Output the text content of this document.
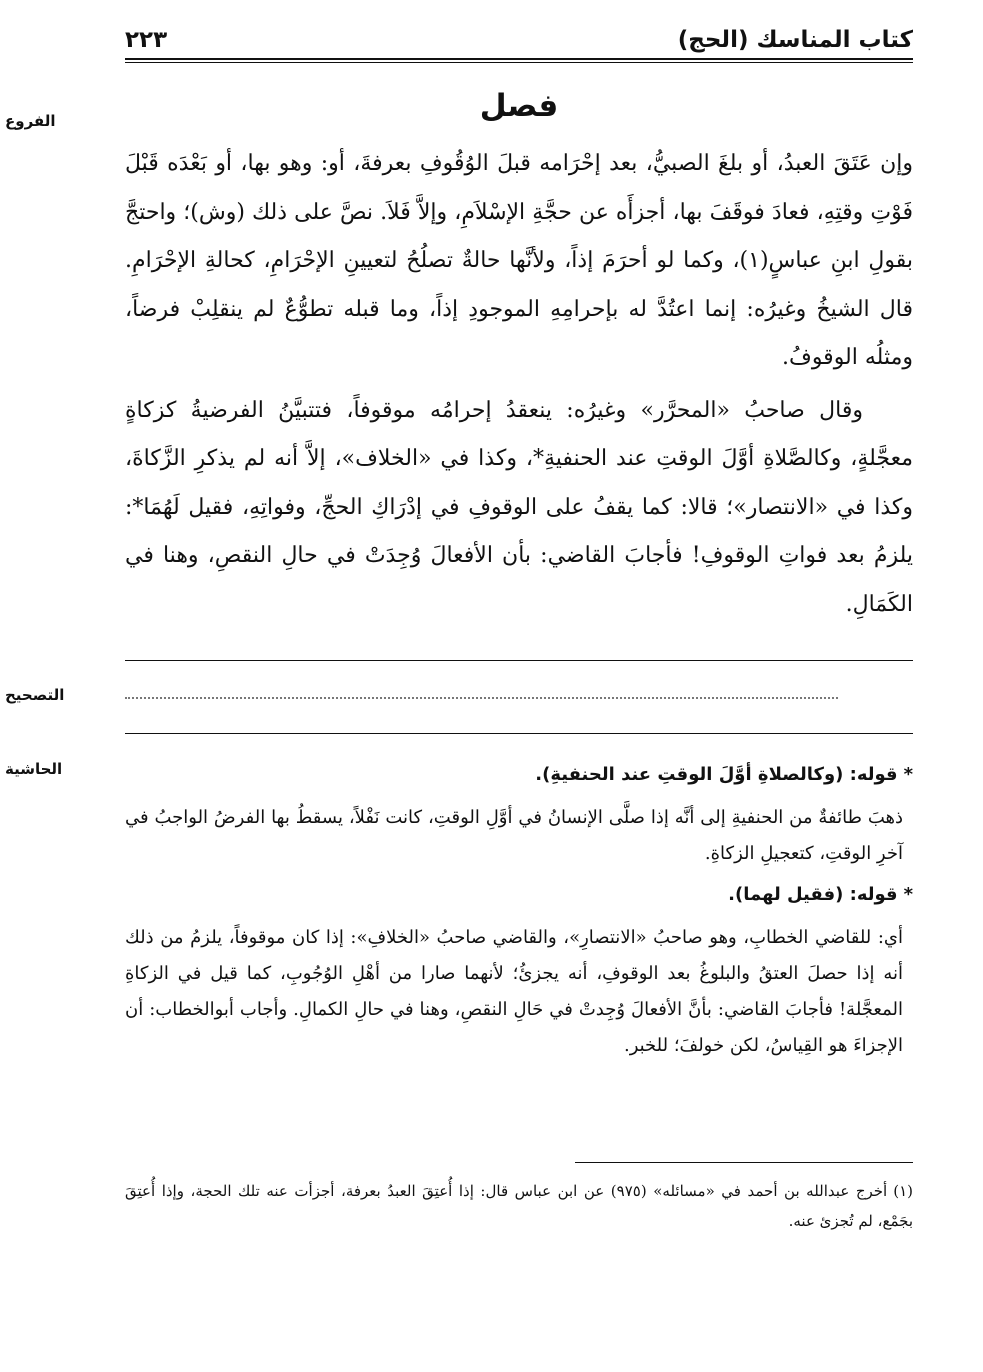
كتاب المناسك (الحج)
٢٢٣
الفروع
التصحيح
الحاشية
فصل

وإن عَتَقَ العبدُ، أو بلغَ الصبيُّ، بعد إحْرَامه قبلَ الوُقُوفِ بعرفةَ، أو: وهو بها، أو بَعْدَه قَبْلَ فَوْتِ وقتِهِ، فعادَ فوقَفَ بها، أجزأَه عن حجَّةِ الإسْلاَمِ، وإلاَّ فَلاَ. نصَّ على ذلك (وش)؛ واحتجَّ بقولِ ابنِ عباسٍ(١)، وكما لو أحرَمَ إذاً، ولأنَّها حالةٌ تصلُحُ لتعيينِ الإحْرَامِ، كحالةِ الإحْرَامِ. قال الشيخُ وغيرُه: إنما اعتُدَّ له بإحرامِهِ الموجودِ إذاً، وما قبله تطوُّعٌ لم ينقلِبْ فرضاً، ومثلُه الوقوفُ.

وقال صاحبُ «المحرَّر» وغيرُه: ينعقدُ إحرامُه موقوفاً، فتتبيَّنُ الفرضيةُ كزكاةٍ معجَّلةٍ، وكالصَّلاةِ أوَّلَ الوقتِ عند الحنفيةِ*، وكذا في «الخلاف»، إلاَّ أنه لم يذكرِ الزَّكاةَ، وكذا في «الانتصار»؛ قالا: كما يقفُ على الوقوفِ في إدْرَاكِ الحجِّ، وفواتِهِ، فقيل لَهُمَا*: يلزمُ بعد فواتِ الوقوفِ! فأجابَ القاضي: بأن الأفعالَ وُجِدَتْ في حالِ النقصِ، وهنا في الكَمَالِ.

*قوله: (وكالصلاةِ أوَّلَ الوقتِ عند الحنفيةِ).
ذهبَ طائفةٌ من الحنفيةِ إلى أنَّه إذا صلَّى الإنسانُ في أوَّلِ الوقتِ، كانت نَفْلاً، يسقطُ بها الفرضُ الواجبُ في آخرِ الوقتِ، كتعجيلِ الزكاةِ.
*قوله: (فقيل لهما).
أي: للقاضي الخطابِ، وهو صاحبُ «الانتصارِ»، والقاضي صاحبُ «الخلافِ»: إذا كان موقوفاً، يلزمُ من ذلك أنه إذا حصلَ العتقُ والبلوغُ بعد الوقوفِ، أنه يجزئُ؛ لأنهما صارا من أهْلِ الوُجُوبِ، كما قيل في الزكاةِ المعجَّلة! فأجابَ القاضي: بأنَّ الأفعالَ وُجِدتْ في حَالِ النقصِ، وهنا في حالِ الكمالِ. وأجاب أبوالخطاب: أن الإجزاءَ هو القِياسُ، لكن خولفَ؛ للخبر.
(١)أخرج عبدالله بن أحمد في «مسائله» (٩٧٥) عن ابن عباس قال: إذا أُعتِقَ العبدُ بعرفة، أجزأت عنه تلك الحجة، وإذا أُعتِقَ بجَمْع، لم تُجزئ عنه.
